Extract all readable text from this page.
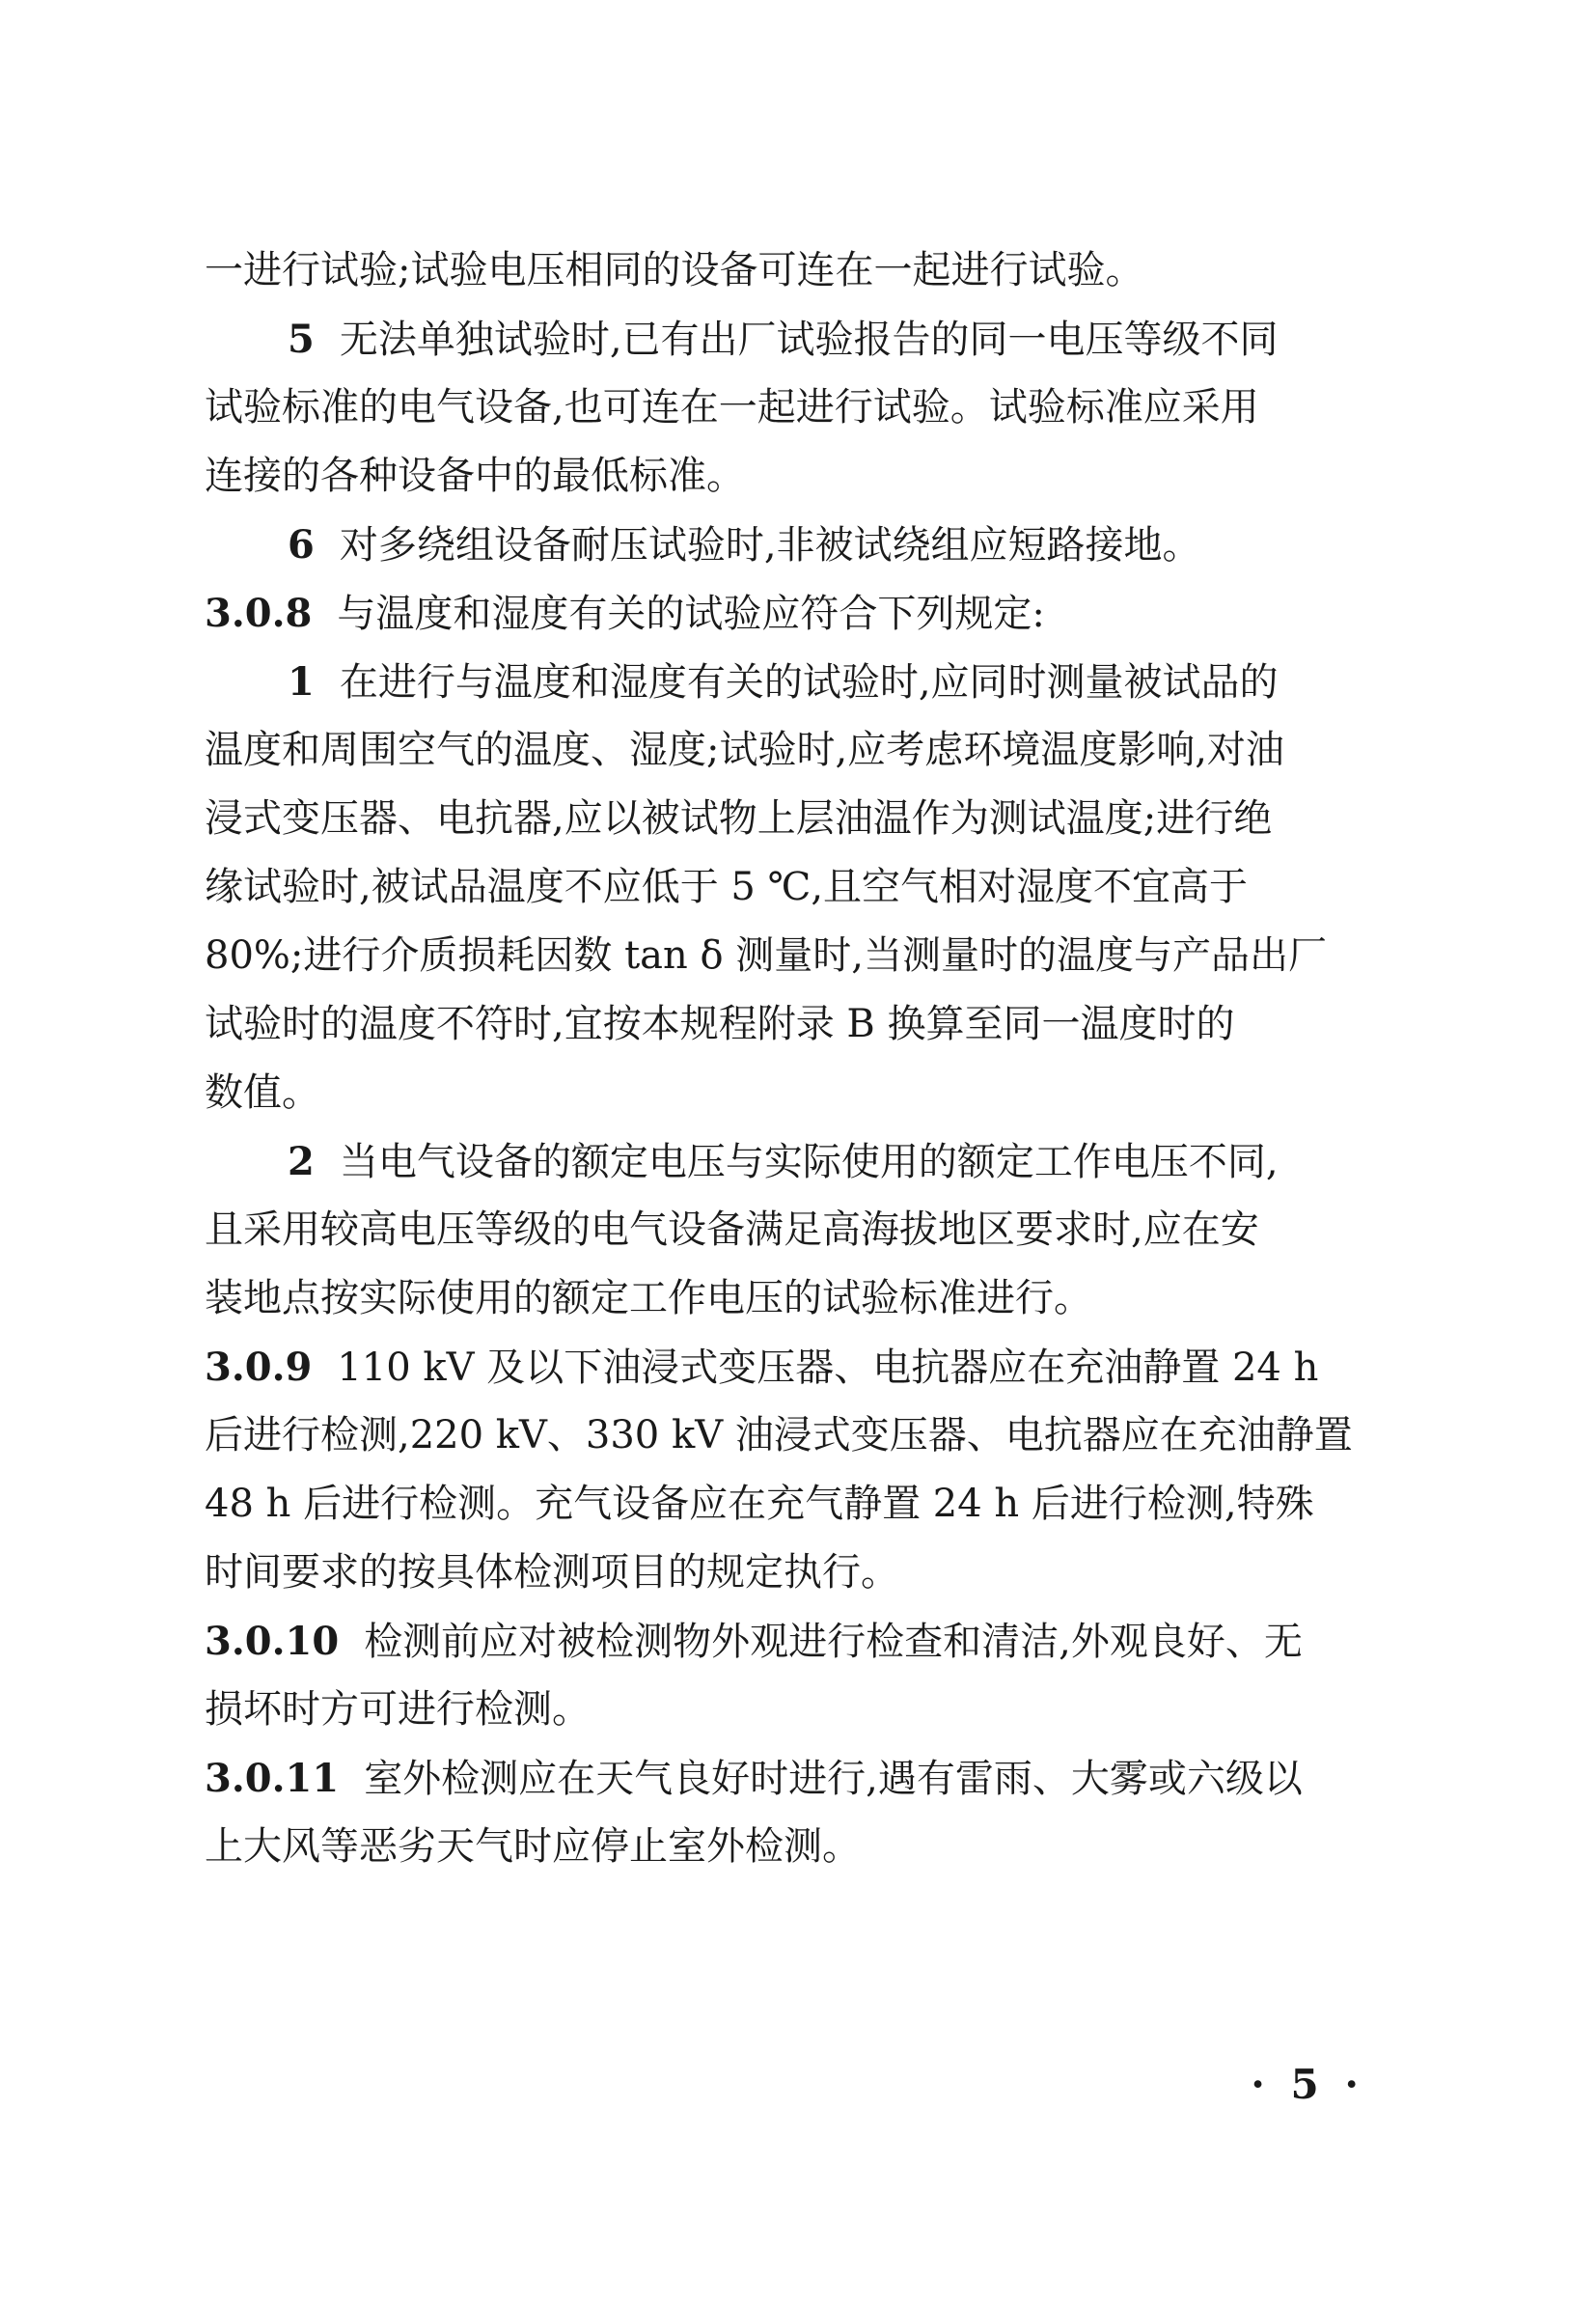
一进行试验;试验电压相同的设备可连在一起进行试验。
5 无法单独试验时,已有出厂试验报告的同一电压等级不同
试验标准的电气设备,也可连在一起进行试验。试验标准应采用
连接的各种设备中的最低标准。
6 对多绕组设备耐压试验时,非被试绕组应短路接地。
3.0.8 与温度和湿度有关的试验应符合下列规定:
1 在进行与温度和湿度有关的试验时,应同时测量被试品的
温度和周围空气的温度、湿度;试验时,应考虑环境温度影响,对油
浸式变压器、电抗器,应以被试物上层油温作为测试温度;进行绝
缘试验时,被试品温度不应低于 5 ℃,且空气相对湿度不宜高于
80%;进行介质损耗因数 tan δ 测量时,当测量时的温度与产品出厂
试验时的温度不符时,宜按本规程附录 B 换算至同一温度时的
数值。
2 当电气设备的额定电压与实际使用的额定工作电压不同,
且采用较高电压等级的电气设备满足高海拔地区要求时,应在安
装地点按实际使用的额定工作电压的试验标准进行。
3.0.9 110 kV 及以下油浸式变压器、电抗器应在充油静置 24 h
后进行检测,220 kV、330 kV 油浸式变压器、电抗器应在充油静置
48 h 后进行检测。充气设备应在充气静置 24 h 后进行检测,特殊
时间要求的按具体检测项目的规定执行。
3.0.10 检测前应对被检测物外观进行检查和清洁,外观良好、无
损坏时方可进行检测。
3.0.11 室外检测应在天气良好时进行,遇有雷雨、大雾或六级以
上大风等恶劣天气时应停止室外检测。
· 5 ·
